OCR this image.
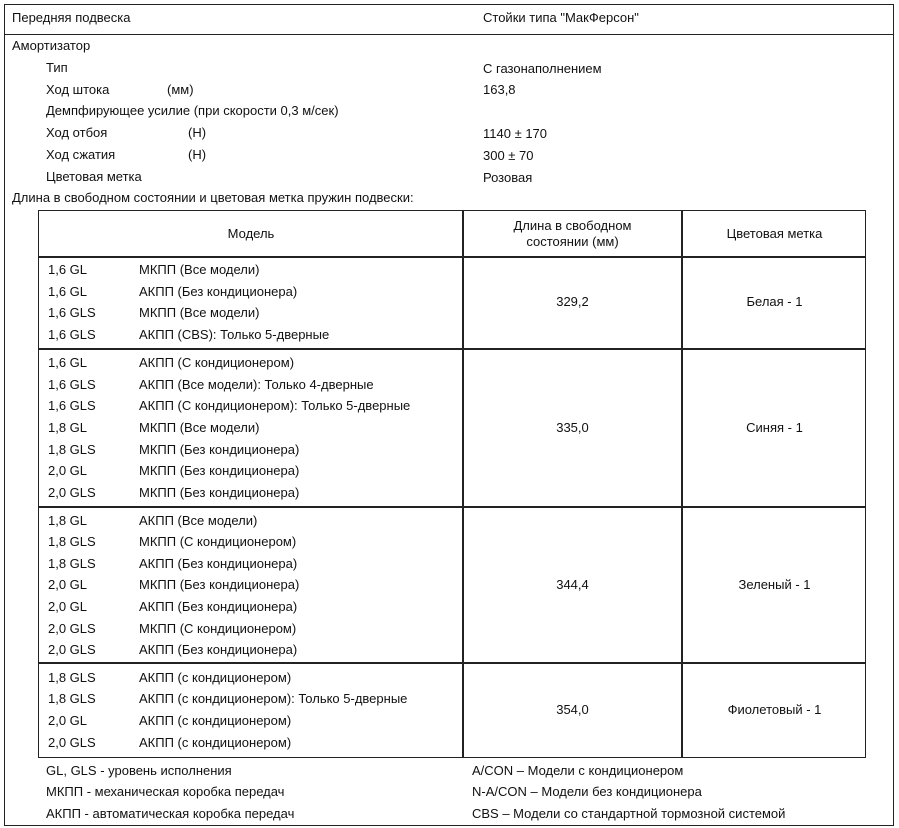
Передняя подвеска	Стойки типа "МакФерсон"
Амортизатор
Тип	С газонаполнением
Ход штока	(мм)	163,8
Демпфирующее усилие (при скорости 0,3 м/сек)
Ход отбоя	(Н)	1140 ± 170
Ход сжатия	(Н)	300 ± 70
Цветовая метка	Розовая
Длина в свободном состоянии и цветовая метка пружин подвески:
Модель
Длина в свободном
состоянии (мм)
Цветовая метка
1,6 GL	МКПП (Все модели)
1,6 GL	АКПП (Без кондиционера)
1,6 GLS	МКПП (Все модели)
1,6 GLS	АКПП (CBS): Только 5-дверные
329,2	Белая - 1
1,6 GL	АКПП (С кондиционером)
1,6 GLS	АКПП (Все модели): Только 4-дверные
1,6 GLS	АКПП (С кондиционером): Только 5-дверные
1,8 GL	МКПП (Все модели)
1,8 GLS	МКПП (Без кондиционера)
2,0 GL	МКПП (Без кондиционера)
2,0 GLS	МКПП (Без кондиционера)
335,0	Синяя - 1
1,8 GL	АКПП (Все модели)
1,8 GLS	МКПП (С кондиционером)
1,8 GLS	АКПП (Без кондиционера)
2,0 GL	МКПП (Без кондиционера)
2,0 GL	АКПП (Без кондиционера)
2,0 GLS	МКПП (С кондиционером)
2,0 GLS	АКПП (Без кондиционера)
344,4	Зеленый - 1
1,8 GLS	АКПП (с кондиционером)
1,8 GLS	АКПП (с кондиционером): Только 5-дверные
2,0 GL	АКПП (с кондиционером)
2,0 GLS	АКПП (с кондиционером)
354,0	Фиолетовый - 1
GL, GLS - уровень исполнения
МКПП - механическая коробка передач
АКПП - автоматическая коробка передач
A/CON – Модели с кондиционером
N-A/CON – Модели без кондиционера
CBS – Модели со стандартной тормозной системой
